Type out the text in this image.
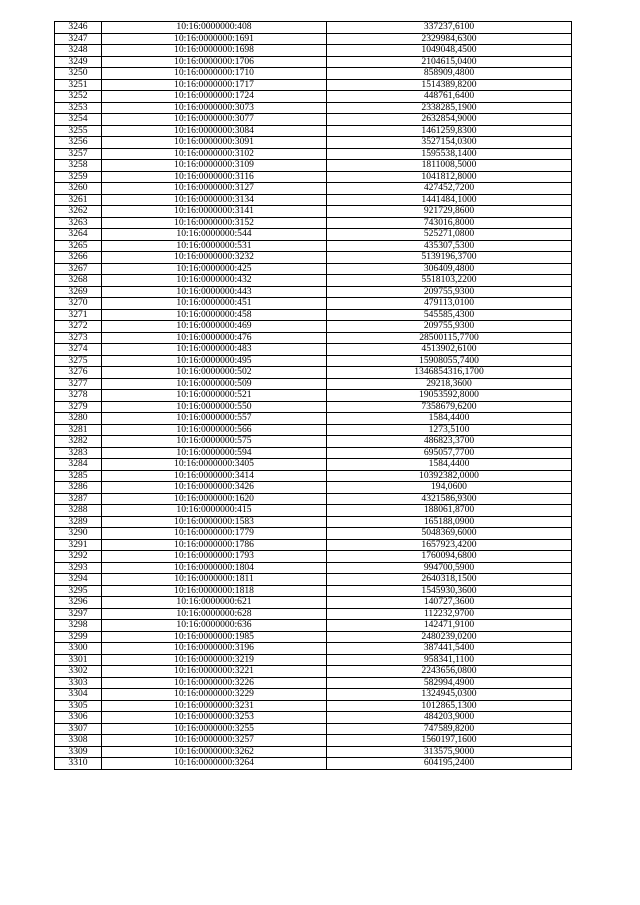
3246	10:16:0000000:408	337237,6100
3247	10:16:0000000:1691	2329984,6300
3248	10:16:0000000:1698	1049048,4500
3249	10:16:0000000:1706	2104615,0400
3250	10:16:0000000:1710	858909,4800
3251	10:16:0000000:1717	1514389,8200
3252	10:16:0000000:1724	448761,6400
3253	10:16:0000000:3073	2338285,1900
3254	10:16:0000000:3077	2632854,9000
3255	10:16:0000000:3084	1461259,8300
3256	10:16:0000000:3091	3527154,0300
3257	10:16:0000000:3102	1595538,1400
3258	10:16:0000000:3109	1811008,5000
3259	10:16:0000000:3116	1041812,8000
3260	10:16:0000000:3127	427452,7200
3261	10:16:0000000:3134	1441484,1000
3262	10:16:0000000:3141	921729,8600
3263	10:16:0000000:3152	743016,8000
3264	10:16:0000000:544	525271,0800
3265	10:16:0000000:531	435307,5300
3266	10:16:0000000:3232	5139196,3700
3267	10:16:0000000:425	306409,4800
3268	10:16:0000000:432	5518103,2200
3269	10:16:0000000:443	209755,9300
3270	10:16:0000000:451	479113,0100
3271	10:16:0000000:458	545585,4300
3272	10:16:0000000:469	209755,9300
3273	10:16:0000000:476	28500115,7700
3274	10:16:0000000:483	4513902,6100
3275	10:16:0000000:495	15908055,7400
3276	10:16:0000000:502	1346854316,1700
3277	10:16:0000000:509	29218,3600
3278	10:16:0000000:521	19053592,8000
3279	10:16:0000000:550	7358679,6200
3280	10:16:0000000:557	1584,4400
3281	10:16:0000000:566	1273,5100
3282	10:16:0000000:575	486823,3700
3283	10:16:0000000:594	695057,7700
3284	10:16:0000000:3405	1584,4400
3285	10:16:0000000:3414	10392382,0000
3286	10:16:0000000:3426	194,0600
3287	10:16:0000000:1620	4321586,9300
3288	10:16:0000000:415	188061,8700
3289	10:16:0000000:1583	165188,0900
3290	10:16:0000000:1779	5048369,6000
3291	10:16:0000000:1786	1657923,4200
3292	10:16:0000000:1793	1760094,6800
3293	10:16:0000000:1804	994700,5900
3294	10:16:0000000:1811	2640318,1500
3295	10:16:0000000:1818	1545930,3600
3296	10:16:0000000:621	140727,3600
3297	10:16:0000000:628	112232,9700
3298	10:16:0000000:636	142471,9100
3299	10:16:0000000:1985	2480239,0200
3300	10:16:0000000:3196	387441,5400
3301	10:16:0000000:3219	958341,1100
3302	10:16:0000000:3221	2243656,0800
3303	10:16:0000000:3226	582994,4900
3304	10:16:0000000:3229	1324945,0300
3305	10:16:0000000:3231	1012865,1300
3306	10:16:0000000:3253	484203,9000
3307	10:16:0000000:3255	747589,8200
3308	10:16:0000000:3257	1560197,1600
3309	10:16:0000000:3262	313575,9000
3310	10:16:0000000:3264	604195,2400
